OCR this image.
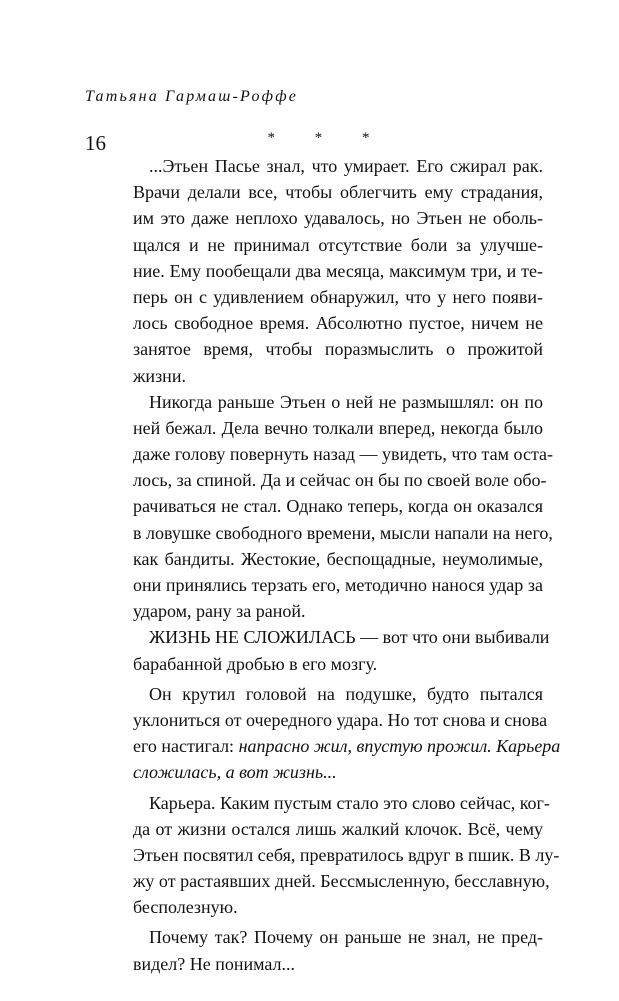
Татьяна Гармаш-Роффе
16	* * *
...Этьен Пасье знал, что умирает. Его сжирал рак.
Врачи делали все, чтобы облегчить ему страдания,
им это даже неплохо удавалось, но Этьен не оболь-
щался и не принимал отсутствие боли за улучше-
ние. Ему пообещали два месяца, максимум три, и те-
перь он с удивлением обнаружил, что у него появи-
лось свободное время. Абсолютно пустое, ничем не
занятое время, чтобы поразмыслить о прожитой
жизни.
Никогда раньше Этьен о ней не размышлял: он по
ней бежал. Дела вечно толкали вперед, некогда было
даже голову повернуть назад — увидеть, что там оста-
лось, за спиной. Да и сейчас он бы по своей воле обо-
рачиваться не стал. Однако теперь, когда он оказался
в ловушке свободного времени, мысли напали на него,
как бандиты. Жестокие, беспощадные, неумолимые,
они принялись терзать его, методично нанося удар за
ударом, рану за раной.
ЖИЗНЬ НЕ СЛОЖИЛАСЬ — вот что они выбивали
барабанной дробью в его мозгу.
Он крутил головой на подушке, будто пытался
уклониться от очередного удара. Но тот снова и снова
его настигал: напрасно жил, впустую прожил. Карьера
сложилась, а вот жизнь...
Карьера. Каким пустым стало это слово сейчас, ког-
да от жизни остался лишь жалкий клочок. Всё, чему
Этьен посвятил себя, превратилось вдруг в пшик. В лу-
жу от растаявших дней. Бессмысленную, бесславную,
бесполезную.
Почему так? Почему он раньше не знал, не пред-
видел? Не понимал...
